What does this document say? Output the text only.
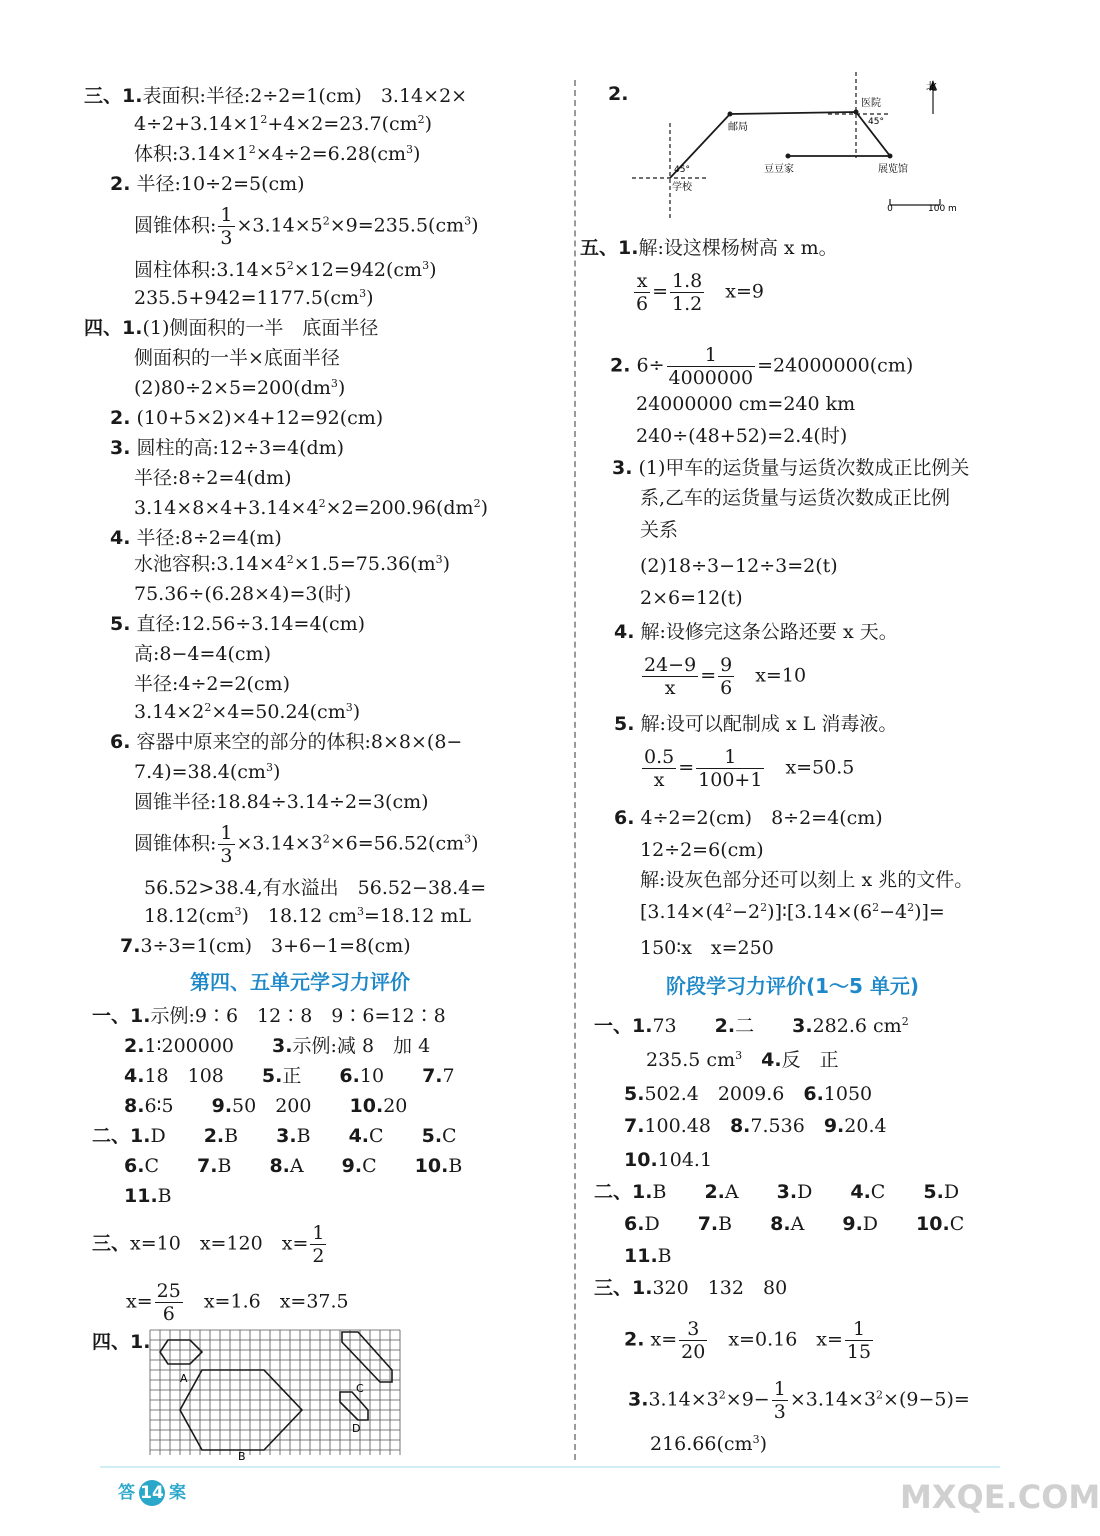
三、1.表面积:半径:2÷2=1(cm)　3.14×2×
$4\div 2+3.14\times 1^2+4\times 2=23.7(cm^2)$
体积$:3.14\times 1^2\times 4\div 2=6.28(cm^3)$
2. 半径:10÷2=5(cm)
圆锥体积: $\frac{1}{3} \times 3.14\times 5^2\times 9=235.5(cm^3)$
圆柱体积$:3.14\times 5^2\times 12=942(cm^3)$
$235.5+942=1177.5(cm^3)$
四、1.(1)侧面积的一半　底面半径
侧面积的一半×底面半径
$(2)80\div 2\times 5=200(dm^3)$
2. (10+5×2)×4+12=92(cm)
3. 圆柱的高:12÷3=4(dm)
半径:8÷2=4(dm)
$3.14\times 8\times 4+3.14\times 4^2\times 2=200.96(dm^2)$
4. 半径:8÷2=4(m)
水池容积$:3.14\times 4^2\times 1.5=75.36(m^3)$
75.36÷(6.28×4)=3(时)
5. 直径:12.56÷3.14=4(cm)
高:8−4=4(cm)
半径:4÷2=2(cm)
$3.14\times 2^2\times 4=50.24(cm^3)$
6. 容器中原来空的部分的体积:8×8×(8−
$7.4)=38.4(cm^3)$
圆锥半径:18.84÷3.14÷2=3(cm)
圆锥体积: $\frac{1}{3} \times 3.14\times 3^2\times 6=56.52(cm^3)$
56.52>38.4,有水溢出　56.52−38.4=
$18.12(cm^3)$　18.12 $cm^3=18.12$ mL
7.3÷3=1(cm)　3+6−1=8(cm)
第四、五单元学习力评价
一、1.示例:9∶6　12∶8　9∶6=12∶8
2.1∶200000　　 3.示例:减 8　加 4
4.18　108　　 5.正　　 6.10　　 7.7
8.6∶5　　 9.50　200　　 10.20
二、1.D　　 2.B　　 3.B　　 4.C　　 5.C
6.C　　 7.B　　 8.A　　 9.C　　 10.B
11.B
三、x=10　x=120　$x= \frac{1}{2}$
$x= \frac{25}{6}$
　 x=1.6　x=37.5
四、1.
A
B
C
D
2.	北
医院
45°
邮局
学校
45°	豆豆家	展览馆
0	100 m
五、1.解:设这棵杨树高 x m。
$\frac{x}{6} = \frac{1.8}{1.2}$
　 x=9
2. $6\div \frac{1}{4000000} =24000000(cm)$
24000000 cm=240 km
240÷(48+52)=2.4(时)
3. (1)甲车的运货量与运货次数成正比例关
系,乙车的运货量与运货次数成正比例
关系
(2)18÷3−12÷3=2(t)
2×6=12(t)
4. 解:设修完这条公路还要 x 天。
$\frac{24-9}{x} = \frac{9}{6}$
　 x=10
5. 解:设可以配制成 x L 消毒液。
$\frac{0.5}{x} = \frac{1}{100+1}$
　 x=50.5
6. 4÷2=2(cm)　8÷2=4(cm)
12÷2=6(cm)
解:设灰色部分还可以刻上 x 兆的文件。
$[3.14\times(4^2-2^2)]∶[3.14\times(6^2-4^2)]=$
150∶x　x=250
阶段学习力评价(1～5 单元)
一、1.73　　 2.二　　 3.282.6 $cm^2$
235.5 $cm^3$　 4.反　正
5.502.4　2009.6　 6.1050
7.100.48　 8.7.536　 9.20.4
10.104.1
二、1.B　　 2.A　　 3.D　　 4.C　　 5.D
6.D　　 7.B　　 8.A　　 9.D　　 10.C
11.B
三、1.320　132　80
2. $x= \frac{3}{20}$
　 x=0.16　$x= \frac{1}{15}$
$3.3.14\times 3^2\times 9- \frac{1}{3} \times 3.14\times 3^2\times(9-5)=$
$216.66(cm^3)$
答 14 案	MXQE.COM
